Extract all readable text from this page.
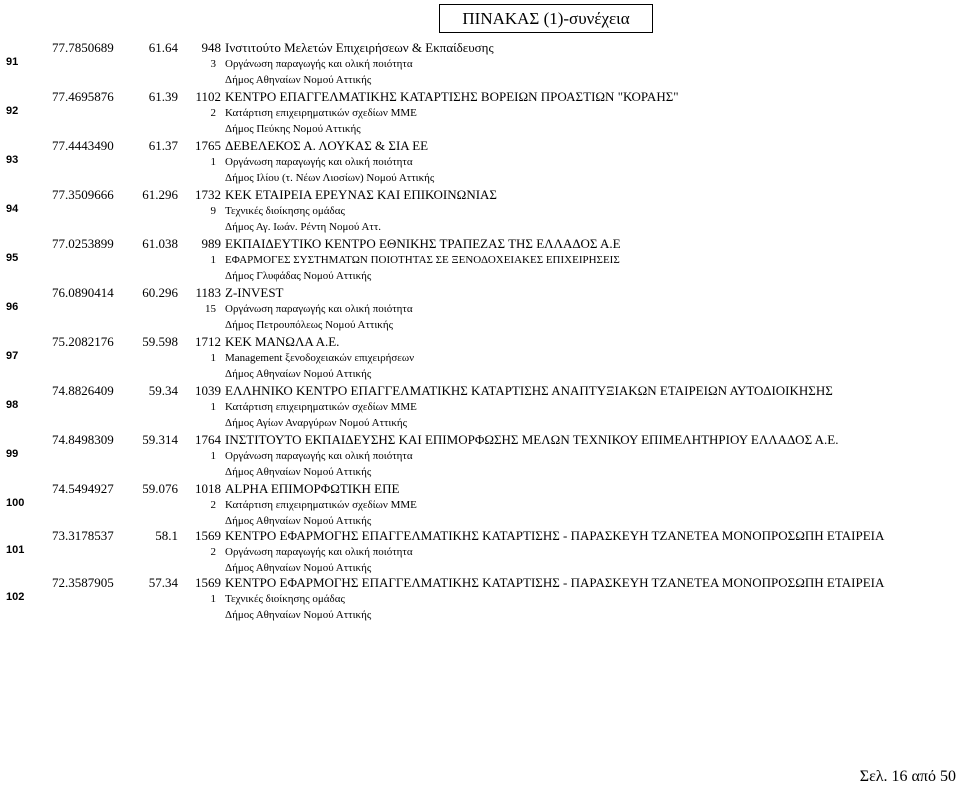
ΠΙΝΑΚΑΣ (1)-συνέχεια
91
77.7850689	61.64 948 Ινστιτούτο Μελετών Επιχειρήσεων & Εκπαίδευσης
3 Οργάνωση παραγωγής και ολική ποιότητα
Δήμος Αθηναίων Νομού Αττικής
92
77.4695876	61.39 1102 ΚΕΝΤΡΟ ΕΠΑΓΓΕΛΜΑΤΙΚΗΣ ΚΑΤΑΡΤΙΣΗΣ ΒΟΡΕΙΩΝ ΠΡΟΑΣΤΙΩΝ "ΚΟΡΑΗΣ"
2 Κατάρτιση επιχειρηματικών σχεδίων ΜΜΕ
Δήμος Πεύκης Νομού Αττικής
93
77.4443490	61.37 1765 ΔΕΒΕΛΕΚΟΣ Α. ΛΟΥΚΑΣ & ΣΙΑ ΕΕ
1 Οργάνωση παραγωγής και ολική ποιότητα
Δήμος Ιλίου (τ. Νέων Λιοσίων) Νομού Αττικής
94
77.3509666 61.296 1732 ΚΕΚ ΕΤΑΙΡΕΙΑ ΕΡΕΥΝΑΣ ΚΑΙ ΕΠΙΚΟΙΝΩΝΙΑΣ
9 Τεχνικές διοίκησης ομάδας
Δήμος Αγ. Ιωάν. Ρέντη Νομού Αττ.
95
77.0253899 61.038 989 ΕΚΠΑΙΔΕΥΤΙΚΟ ΚΕΝΤΡΟ ΕΘΝΙΚΗΣ ΤΡΑΠΕΖΑΣ ΤΗΣ ΕΛΛΑΔΟΣ Α.Ε
1 ΕΦΑΡΜΟΓΕΣ ΣΥΣΤΗΜΑΤΩΝ ΠΟΙΟΤΗΤΑΣ ΣΕ ΞΕΝΟΔΟΧΕΙΑΚΕΣ ΕΠΙΧΕΙΡΗΣΕΙΣ
Δήμος Γλυφάδας Νομού Αττικής
96
76.0890414 60.296 1183 Z-INVEST
15 Οργάνωση παραγωγής και ολική ποιότητα
Δήμος Πετρουπόλεως Νομού Αττικής
97
75.2082176 59.598 1712 ΚΕΚ ΜΑΝΩΛΑ Α.Ε.
1 Management ξενοδοχειακών επιχειρήσεων
Δήμος Αθηναίων Νομού Αττικής
98
74.8826409	59.34 1039 ΕΛΛΗΝΙΚΟ ΚΕΝΤΡΟ ΕΠΑΓΓΕΛΜΑΤΙΚΗΣ ΚΑΤΑΡΤΙΣΗΣ ΑΝΑΠΤΥΞΙΑΚΩΝ ΕΤΑΙΡΕΙΩΝ ΑΥΤΟΔΙΟΙΚΗΣΗΣ
1 Κατάρτιση επιχειρηματικών σχεδίων ΜΜΕ
Δήμος Αγίων Αναργύρων Νομού Αττικής
99
74.8498309 59.314 1764 ΙΝΣΤΙΤΟΥΤΟ ΕΚΠΑΙΔΕΥΣΗΣ ΚΑΙ ΕΠΙΜΟΡΦΩΣΗΣ ΜΕΛΩΝ ΤΕΧΝΙΚΟΥ ΕΠΙΜΕΛΗΤΗΡΙΟΥ ΕΛΛΑΔΟΣ Α.Ε.
1 Οργάνωση παραγωγής και ολική ποιότητα
Δήμος Αθηναίων Νομού Αττικής
100
74.5494927 59.076 1018 ALPHA ΕΠΙΜΟΡΦΩΤΙΚΗ ΕΠΕ
2 Κατάρτιση επιχειρηματικών σχεδίων ΜΜΕ
Δήμος Αθηναίων Νομού Αττικής
101
73.3178537	58.1 1569 ΚΕΝΤΡΟ ΕΦΑΡΜΟΓΗΣ ΕΠΑΓΓΕΛΜΑΤΙΚΗΣ ΚΑΤΑΡΤΙΣΗΣ - ΠΑΡΑΣΚΕΥΗ ΤΖΑΝΕΤΕΑ ΜΟΝΟΠΡΟΣΩΠΗ ΕΤΑΙΡΕΙΑ
2 Οργάνωση παραγωγής και ολική ποιότητα
Δήμος Αθηναίων Νομού Αττικής
102
72.3587905	57.34 1569 ΚΕΝΤΡΟ ΕΦΑΡΜΟΓΗΣ ΕΠΑΓΓΕΛΜΑΤΙΚΗΣ ΚΑΤΑΡΤΙΣΗΣ - ΠΑΡΑΣΚΕΥΗ ΤΖΑΝΕΤΕΑ ΜΟΝΟΠΡΟΣΩΠΗ ΕΤΑΙΡΕΙΑ
1 Τεχνικές διοίκησης ομάδας
Δήμος Αθηναίων Νομού Αττικής
Σελ. 16 από 50
